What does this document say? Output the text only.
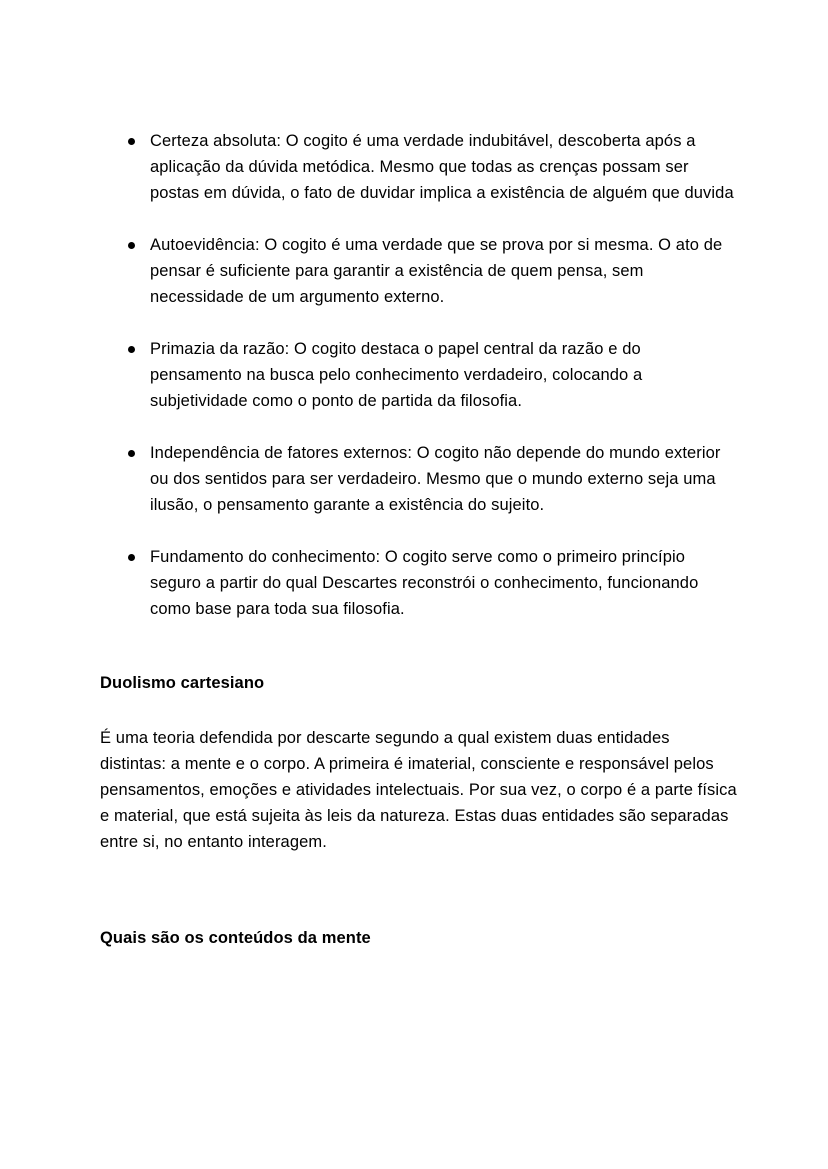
Certeza absoluta: O cogito é uma verdade indubitável, descoberta após a aplicação da dúvida metódica. Mesmo que todas as crenças possam ser postas em dúvida, o fato de duvidar implica a existência de alguém que duvida
Autoevidência: O cogito é uma verdade que se prova por si mesma. O ato de pensar é suficiente para garantir a existência de quem pensa, sem necessidade de um argumento externo.
Primazia da razão: O cogito destaca o papel central da razão e do pensamento na busca pelo conhecimento verdadeiro, colocando a subjetividade como o ponto de partida da filosofia.
Independência de fatores externos: O cogito não depende do mundo exterior ou dos sentidos para ser verdadeiro. Mesmo que o mundo externo seja uma ilusão, o pensamento garante a existência do sujeito.
Fundamento do conhecimento: O cogito serve como o primeiro princípio seguro a partir do qual Descartes reconstrói o conhecimento, funcionando como base para toda sua filosofia.
Duolismo cartesiano

É uma teoria defendida por descarte segundo a qual existem duas entidades distintas: a mente e o corpo. A primeira é imaterial, consciente e responsável pelos pensamentos, emoções e atividades intelectuais. Por sua vez, o corpo é a parte física e material, que está sujeita às leis da natureza. Estas duas entidades são separadas entre si, no entanto interagem.

Quais são os conteúdos da mente
